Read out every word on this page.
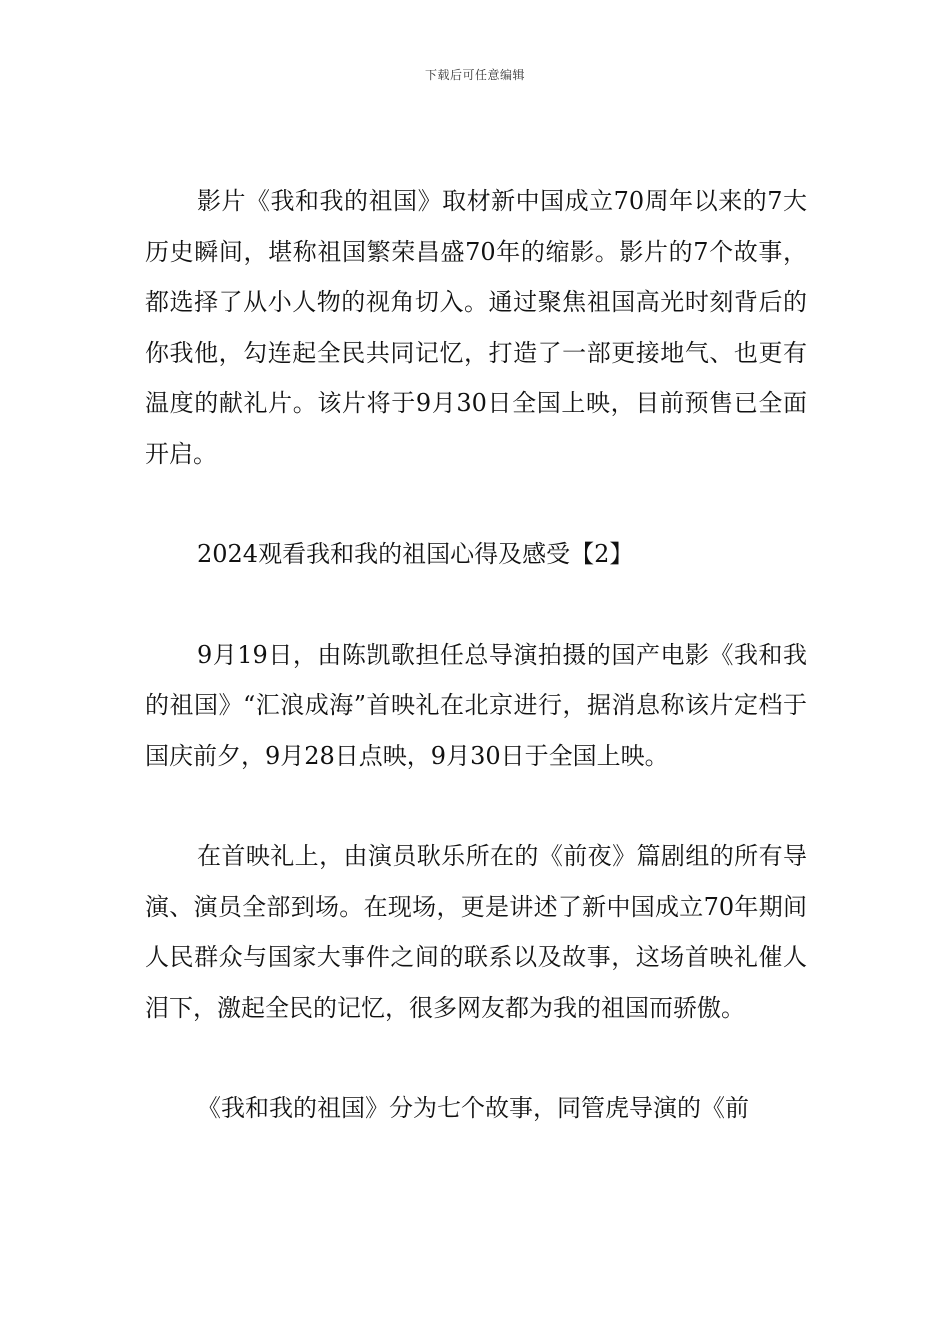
下载后可任意编辑

影片《我和我的祖国》取材新中国成立70周年以来的7大历史瞬间，堪称祖国繁荣昌盛70年的缩影。影片的7个故事，都选择了从小人物的视角切入。通过聚焦祖国高光时刻背后的你我他，勾连起全民共同记忆，打造了一部更接地气、也更有温度的献礼片。该片将于9月30日全国上映，目前预售已全面开启。

2024观看我和我的祖国心得及感受【2】

9月19日，由陈凯歌担任总导演拍摄的国产电影《我和我的祖国》“汇浪成海”首映礼在北京进行，据消息称该片定档于国庆前夕，9月28日点映，9月30日于全国上映。

在首映礼上，由演员耿乐所在的《前夜》篇剧组的所有导演、演员全部到场。在现场，更是讲述了新中国成立70年期间人民群众与国家大事件之间的联系以及故事，这场首映礼催人泪下，激起全民的记忆，很多网友都为我的祖国而骄傲。

《我和我的祖国》分为七个故事，同管虎导演的《前
